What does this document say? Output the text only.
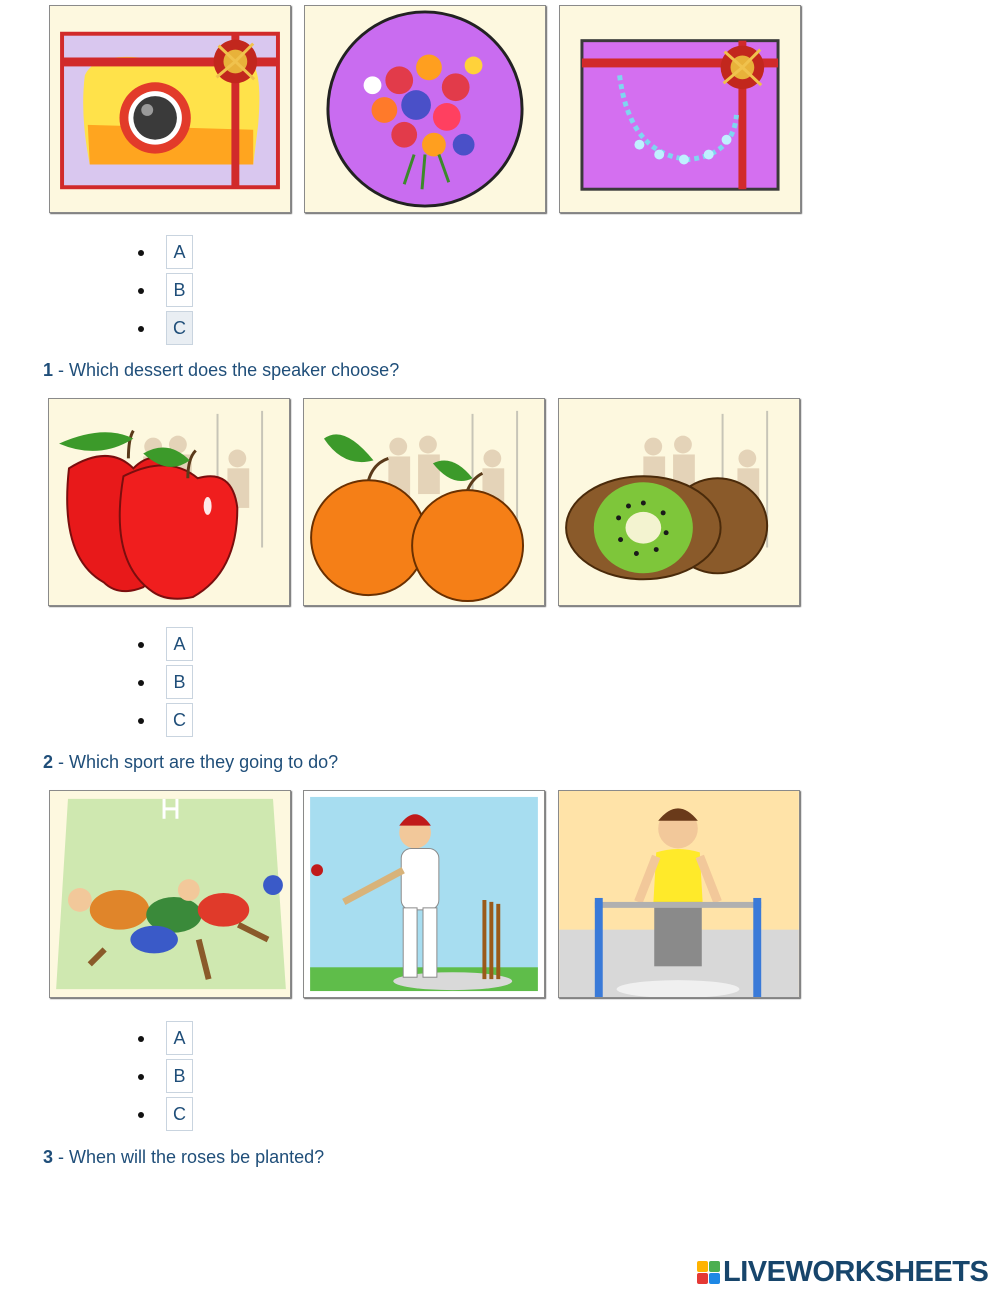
A
B
C
1 - Which dessert does the speaker choose?
A
B
C
2 - Which sport are they going to do?
A
B
C
3 - When will the roses be planted?
LIVEWORKSHEETS
